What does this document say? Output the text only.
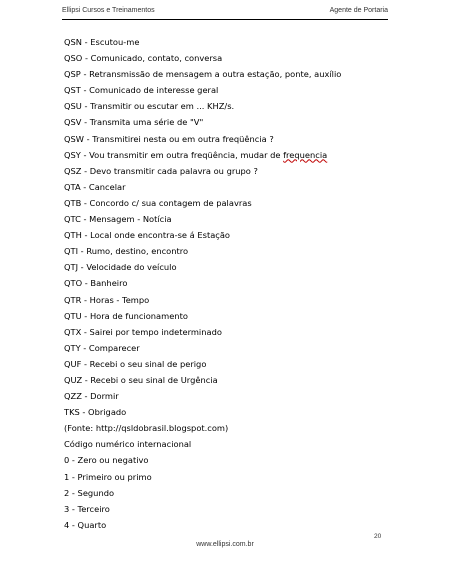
Ellipsi Cursos e Treinamentos	Agente de Portaria
QSN - Escutou-me
QSO - Comunicado, contato, conversa
QSP - Retransmissão de mensagem a outra estação, ponte, auxílio
QST - Comunicado de interesse geral
QSU - Transmitir ou escutar em ... KHZ/s.
QSV - Transmita uma série de "V"
QSW - Transmitirei nesta ou em outra freqüência ?
QSY - Vou transmitir em outra freqüência, mudar de frequencia
QSZ - Devo transmitir cada palavra ou grupo ?
QTA - Cancelar
QTB - Concordo c/ sua contagem de palavras
QTC - Mensagem - Notícia
QTH - Local onde encontra-se á Estação
QTI - Rumo, destino, encontro
QTJ - Velocidade do veículo
QTO - Banheiro
QTR - Horas - Tempo
QTU - Hora de funcionamento
QTX - Sairei por tempo indeterminado
QTY - Comparecer
QUF - Recebi o seu sinal de perigo
QUZ - Recebi o seu sinal de Urgência
QZZ - Dormir
TKS - Obrigado
(Fonte: http://qsldobrasil.blogspot.com)
Código numérico internacional
0 - Zero ou negativo
1 - Primeiro ou primo
2 - Segundo
3 - Terceiro
4 - Quarto
20
www.ellipsi.com.br
